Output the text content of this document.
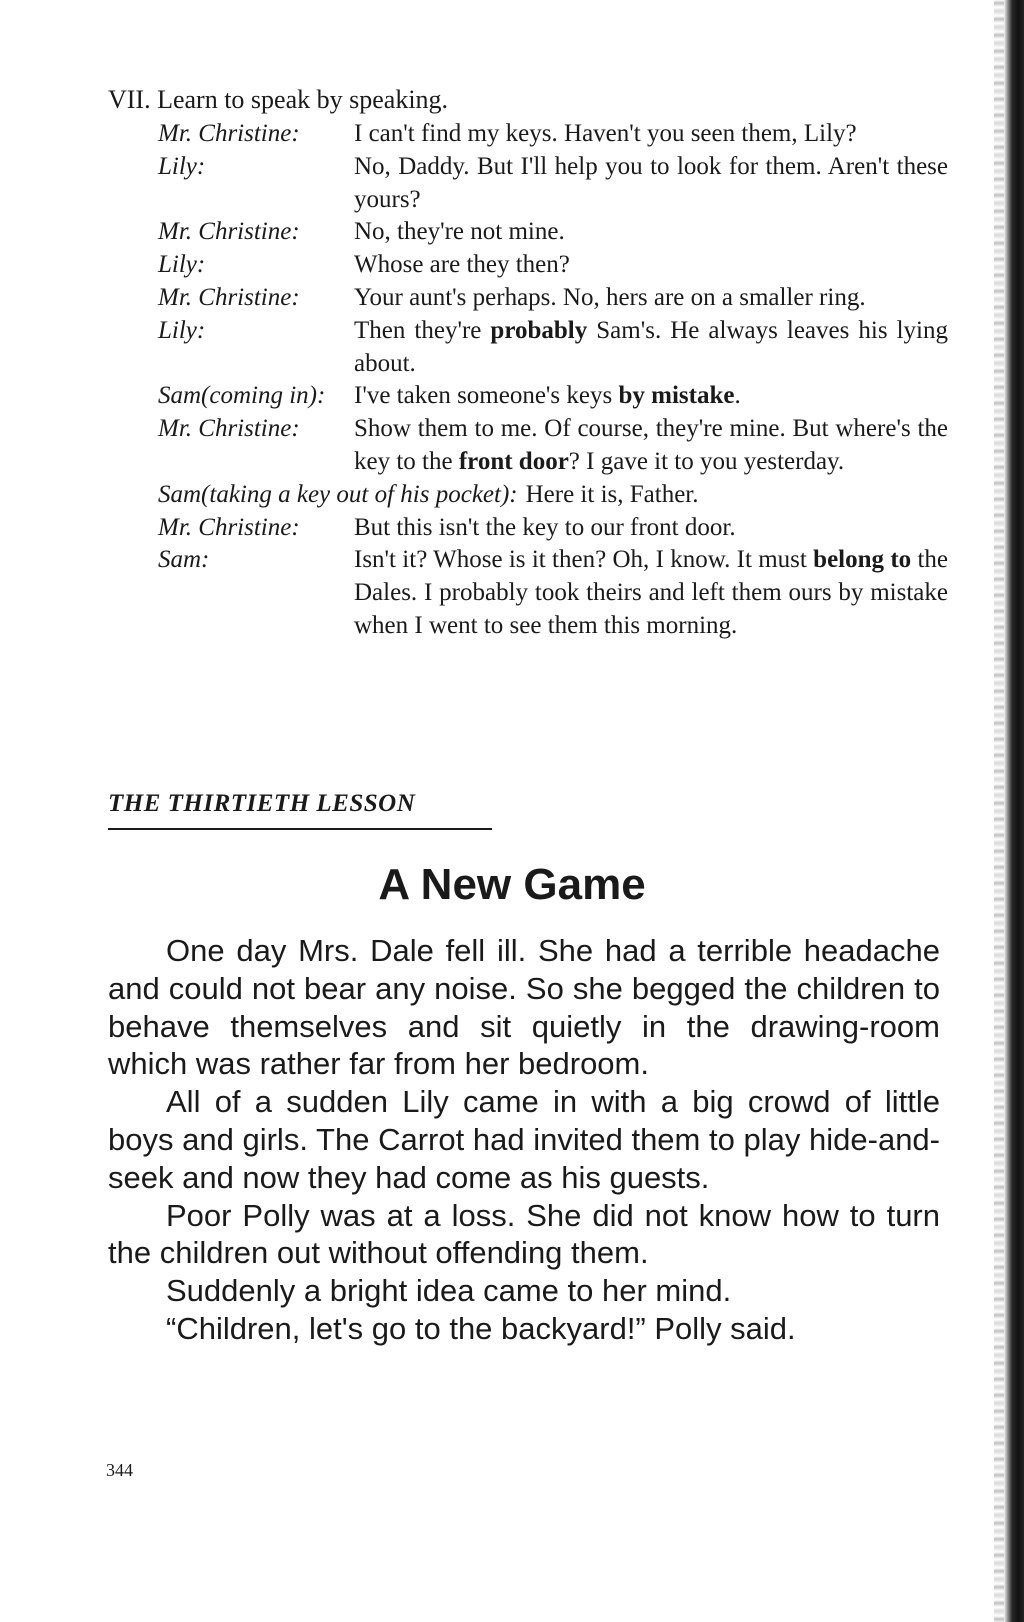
VII. Learn to speak by speaking.
Mr. Christine:	I can't find my keys. Haven't you seen them, Lily?
Lily:	No, Daddy. But I'll help you to look for them. Aren't these yours?
Mr. Christine:	No, they're not mine.
Lily:	Whose are they then?
Mr. Christine:	Your aunt's perhaps. No, hers are on a smaller ring.
Lily:	Then they're probably Sam's. He always leaves his lying about.
Sam(coming in):	I've taken someone's keys by mistake.
Mr. Christine:	Show them to me. Of course, they're mine. But where's the key to the front door? I gave it to you yesterday.
Sam(taking a key out of his pocket): Here it is, Father.
Mr. Christine:	But this isn't the key to our front door.
Sam:	Isn't it? Whose is it then? Oh, I know. It must belong to the Dales. I probably took theirs and left them ours by mistake when I went to see them this morning.
THE THIRTIETH LESSON
A New Game

One day Mrs. Dale fell ill. She had a terrible headache and could not bear any noise. So she begged the children to behave themselves and sit quietly in the drawing-room which was rather far from her bedroom.

All of a sudden Lily came in with a big crowd of little boys and girls. The Carrot had invited them to play hide-and-seek and now they had come as his guests.

Poor Polly was at a loss. She did not know how to turn the children out without offending them.

Suddenly a bright idea came to her mind.

“Children, let's go to the backyard!” Polly said.

344
